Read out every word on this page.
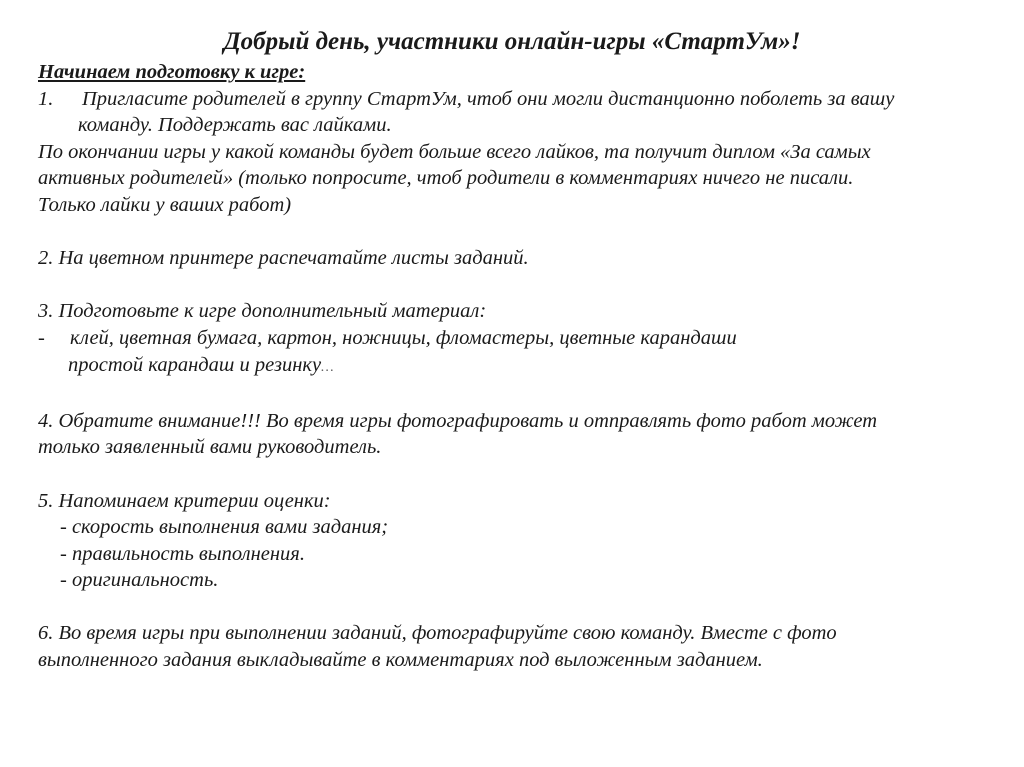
Добрый день, участники онлайн-игры «СтартУм»!
Начинаем подготовку к игре:
1. Пригласите родителей в группу СтартУм, чтоб они могли дистанционно поболеть за вашу
команду. Поддержать вас лайками.
По окончании игры у какой команды будет больше всего лайков, та получит диплом «За самых
активных родителей» (только попросите, чтоб родители в комментариях ничего не писали.
Только лайки у ваших работ)
2. На цветном принтере распечатайте листы заданий.
3. Подготовьте к игре дополнительный материал:
- клей, цветная бумага, картон, ножницы, фломастеры, цветные карандаши
простой карандаш и резинку…
4. Обратите внимание!!! Во время игры фотографировать и отправлять фото работ может
только заявленный вами руководитель.
5. Напоминаем критерии оценки:
- скорость выполнения вами задания;
- правильность выполнения.
- оригинальность.
6. Во время игры при выполнении заданий, фотографируйте свою команду. Вместе с фото
выполненного задания выкладывайте в комментариях под выложенным заданием.
